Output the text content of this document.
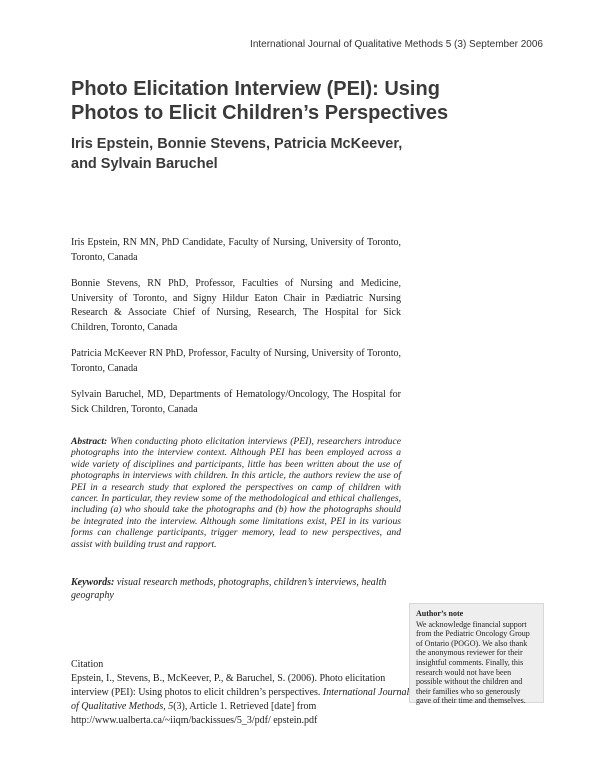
International Journal of Qualitative Methods 5 (3) September 2006
Photo Elicitation Interview (PEI): Using
Photos to Elicit Children’s Perspectives
Iris Epstein, Bonnie Stevens, Patricia McKeever,
and Sylvain Baruchel

Iris Epstein, RN MN, PhD Candidate, Faculty of Nursing, University of Toronto, Toronto, Canada

Bonnie Stevens, RN PhD, Professor, Faculties of Nursing and Medicine, University of Toronto, and Signy Hildur Eaton Chair in Pædiatric Nursing Research & Associate Chief of Nursing, Research, The Hospital for Sick Children, Toronto, Canada

Patricia McKeever RN PhD, Professor, Faculty of Nursing, University of Toronto, Toronto, Canada

Sylvain Baruchel, MD, Departments of Hematology/Oncology, The Hospital for Sick Children, Toronto, Canada

Abstract: When conducting photo elicitation interviews (PEI), researchers introduce photographs into the interview context. Although PEI has been employed across a wide variety of disciplines and participants, little has been written about the use of photographs in interviews with children. In this article, the authors review the use of PEI in a research study that explored the perspectives on camp of children with cancer. In particular, they review some of the methodological and ethical challenges, including (a) who should take the photographs and (b) how the photographs should be integrated into the interview. Although some limitations exist, PEI in its various forms can challenge participants, trigger memory, lead to new perspectives, and assist with building trust and rapport.
Keywords: visual research methods, photographs, children’s interviews, health geography
Citation
Epstein, I., Stevens, B., McKeever, P., & Baruchel, S. (2006). Photo elicitation interview (PEI): Using photos to elicit children’s perspectives. International Journal of Qualitative Methods, 5(3), Article 1. Retrieved [date] from http://www.ualberta.ca/~iiqm/backissues/5_3/pdf/ epstein.pdf
Author’s note
We acknowledge financial support from the Pediatric Oncology Group of Ontario (POGO). We also thank the anonymous reviewer for their insightful comments. Finally, this research would not have been possible without the children and their families who so generously gave of their time and themselves.
